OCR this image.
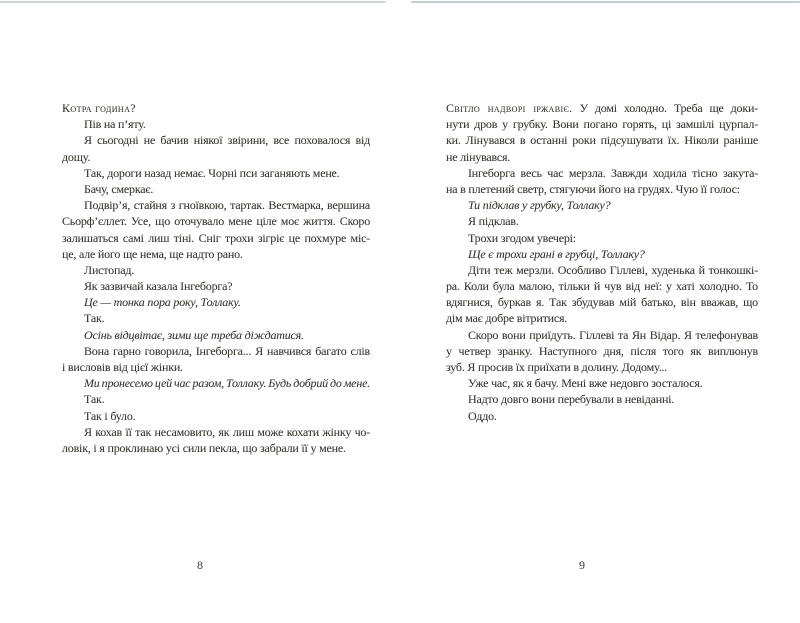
Котра година?
Пів на п’яту.
Я сьогодні не бачив ніякої звірини, все поховалося від
дощу.
Так, дороги назад немає. Чорні пси заганяють мене.
Бачу, смеркає.
Подвір’я, стайня з гноївкою, тартак. Вестмарка, вершина
Сьорф’єллет. Усе, що оточувало мене ціле моє життя. Скоро
залишаться самі лиш тіні. Сніг трохи зігріє це похмуре міс-
це, але його ще нема, ще надто рано.
Листопад.
Як зазвичай казала Інгеборга?
Це — тонка пора року, Толлаку.
Так.
Осінь відцвітає, зими ще треба діждатися.
Вона гарно говорила, Інгеборга... Я навчився багато слів
і висловів від цієї жінки.
Ми пронесемо цей час разом, Толлаку. Будь добрий до мене.
Так.
Так і було.
Я кохав її так несамовито, як лиш може кохати жінку чо-
ловік, і я проклинаю усі сили пекла, що забрали її у мене.
Світло надворі іржавіє. У домі холодно. Треба ще доки-
нути дров у грубку. Вони погано горять, ці замшілі цурпал-
ки. Лінувався в останні роки підсушувати їх. Ніколи раніше
не лінувався.
Інгеборга весь час мерзла. Завжди ходила тісно закута-
на в плетений светр, стягуючи його на грудях. Чую її голос:
Ти підклав у грубку, Толлаку?
Я підклав.
Трохи згодом увечері:
Ще є трохи грані в грубці, Толлаку?
Діти теж мерзли. Особливо Гіллеві, худенька й тонкошкі-
ра. Коли була малою, тільки й чув від неї: у хаті холодно. То
вдягнися, буркав я. Так збудував мій батько, він вважав, що
дім має добре вітритися.
Скоро вони приїдуть. Гіллеві та Ян Відар. Я телефонував
у четвер зранку. Наступного дня, після того як виплюнув
зуб. Я просив їх приїхати в долину. Додому...
Уже час, як я бачу. Мені вже недовго зосталося.
Надто довго вони перебували в невіданні.
Оддо.
8	9
